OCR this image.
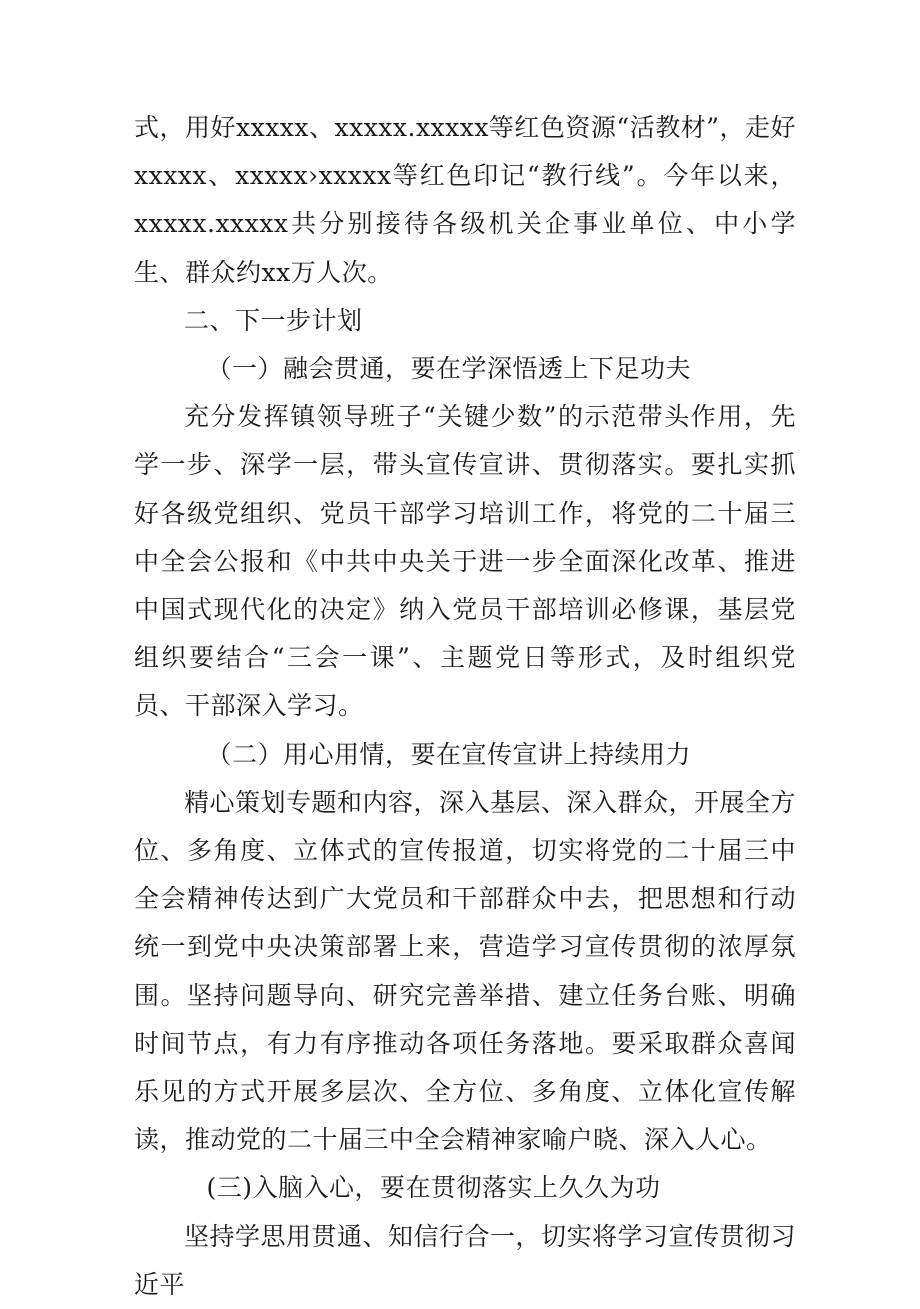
式，用好xxxxx、xxxxx.xxxxx等红色资源“活教材”，走好xxxxx、xxxxx›xxxxx等红色印记“教行线”。今年以来，xxxxx.xxxxx共分别接待各级机关企事业单位、中小学生、群众约xx万人次。

二、下一步计划

（一）融会贯通，要在学深悟透上下足功夫

充分发挥镇领导班子“关键少数”的示范带头作用，先学一步、深学一层，带头宣传宣讲、贯彻落实。要扎实抓好各级党组织、党员干部学习培训工作，将党的二十届三中全会公报和《中共中央关于进一步全面深化改革、推进中国式现代化的决定》纳入党员干部培训必修课，基层党组织要结合“三会一课”、主题党日等形式，及时组织党员、干部深入学习。

（二）用心用情，要在宣传宣讲上持续用力

精心策划专题和内容，深入基层、深入群众，开展全方位、多角度、立体式的宣传报道，切实将党的二十届三中全会精神传达到广大党员和干部群众中去，把思想和行动统一到党中央决策部署上来，营造学习宣传贯彻的浓厚氛围。坚持问题导向、研究完善举措、建立任务台账、明确时间节点，有力有序推动各项任务落地。要采取群众喜闻乐见的方式开展多层次、全方位、多角度、立体化宣传解读，推动党的二十届三中全会精神家喻户晓、深入人心。

(三)入脑入心，要在贯彻落实上久久为功

坚持学思用贯通、知信行合一，切实将学习宣传贯彻习近平
